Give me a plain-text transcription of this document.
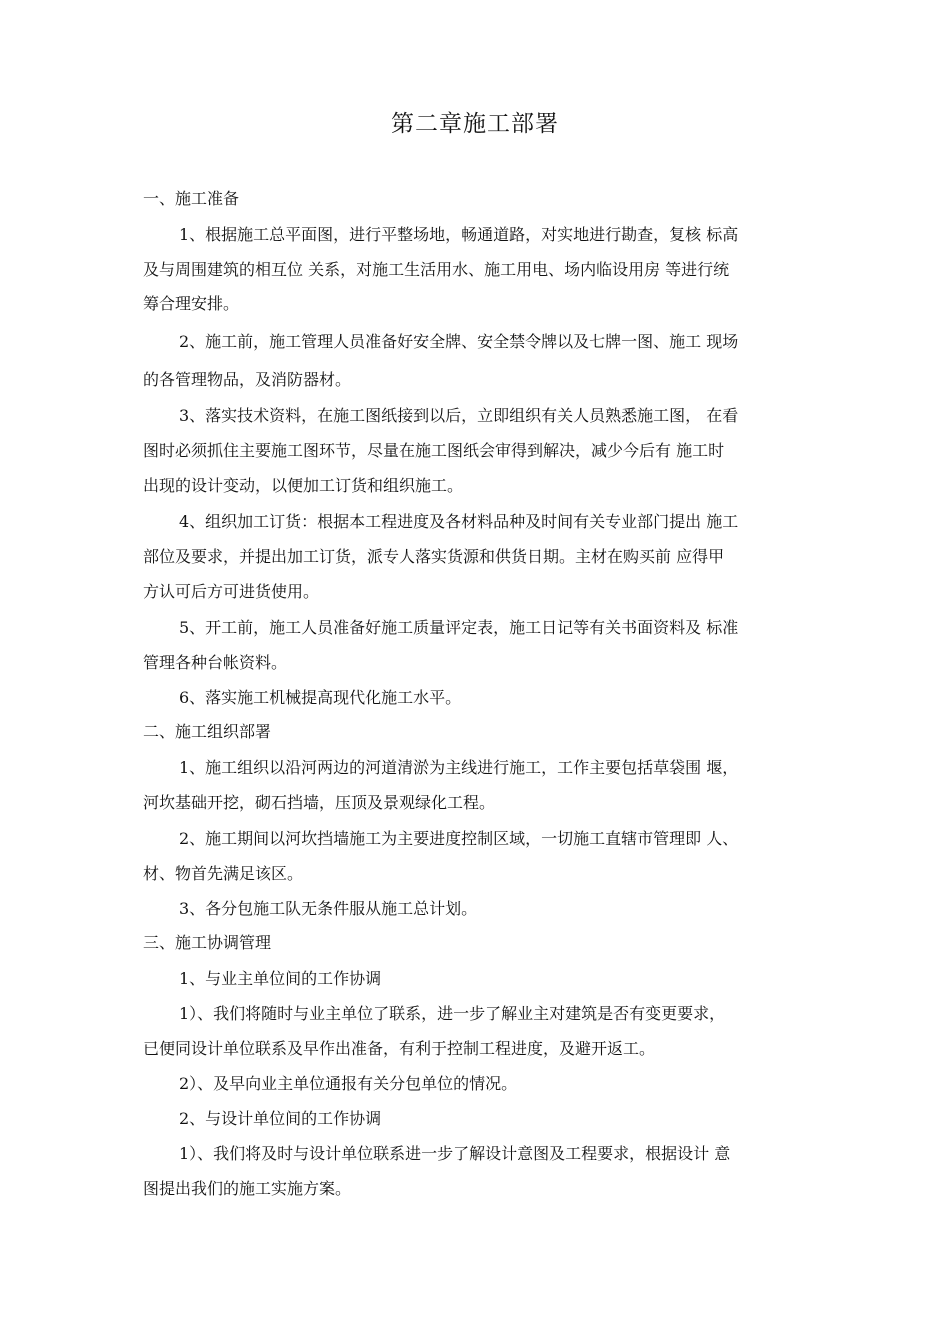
第二章施工部署

一、施工准备

1、根据施工总平面图，进行平整场地，畅通道路，对实地进行勘查，复核 标高

及与周围建筑的相互位 关系，对施工生活用水、施工用电、场内临设用房 等进行统

筹合理安排。

2、施工前，施工管理人员准备好安全牌、安全禁令牌以及七牌一图、施工 现场

的各管理物品，及消防器材。

3、落实技术资料，在施工图纸接到以后，立即组织有关人员熟悉施工图， 在看

图时必须抓住主要施工图环节，尽量在施工图纸会审得到解决，减少今后有 施工时

出现的设计变动，以便加工订货和组织施工。

4、组织加工订货：根据本工程进度及各材料品种及时间有关专业部门提出 施工

部位及要求，并提出加工订货，派专人落实货源和供货日期。主材在购买前 应得甲

方认可后方可进货使用。

5、开工前，施工人员准备好施工质量评定表，施工日记等有关书面资料及 标准

管理各种台帐资料。

6、落实施工机械提高现代化施工水平。

二、施工组织部署

1、施工组织以沿河两边的河道清淤为主线进行施工，工作主要包括草袋围 堰，

河坎基础开挖，砌石挡墙，压顶及景观绿化工程。

2、施工期间以河坎挡墙施工为主要进度控制区域，一切施工直辖市管理即 人、

材、物首先满足该区。

3、各分包施工队无条件服从施工总计划。

三、施工协调管理

1、与业主单位间的工作协调

1）、我们将随时与业主单位了联系，进一步了解业主对建筑是否有变更要求，

已便同设计单位联系及早作出准备，有利于控制工程进度，及避开返工。

2）、及早向业主单位通报有关分包单位的情况。

2、与设计单位间的工作协调

1）、我们将及时与设计单位联系进一步了解设计意图及工程要求，根据设计 意

图提出我们的施工实施方案。
